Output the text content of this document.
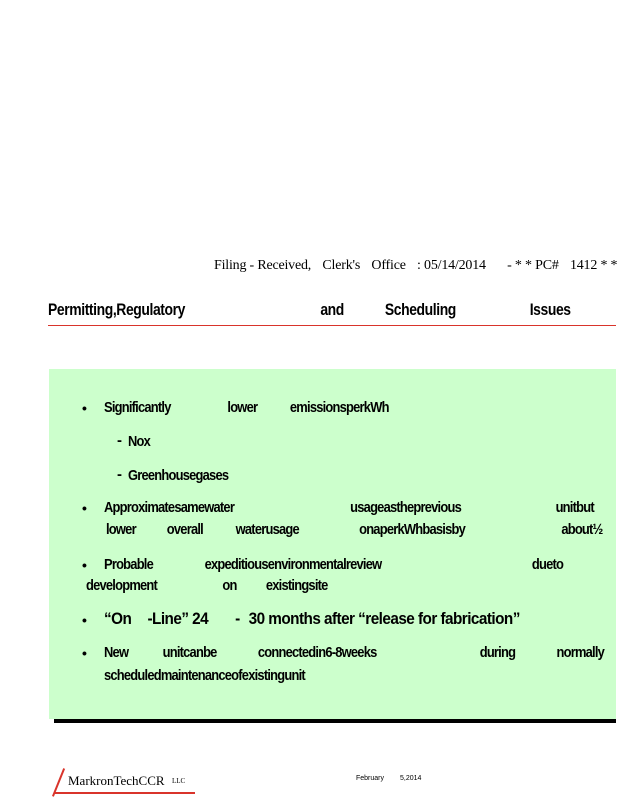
Filing - Received, Clerk's Office : 05/14/2014 - * * PC# 1412 * *
Permitting,Regulatory	and Scheduling	Issues
• Significantly	lower emissionsperkWh
- Nox
- Greenhousegases
• Approximatesamewater	usageastheprevious	unitbut
lower overall waterusage	onaperkWhbasisby	about½
• Probable	expeditiousenvironmentalreview	dueto
development	on existingsite
• “On -Line” 24 - 30 months after “release for fabrication”
• New unitcanbe	connectedin6-8weeks	during	normally
scheduledmaintenanceofexistingunit
MarkronTechCCR LLC	February 5,2014
